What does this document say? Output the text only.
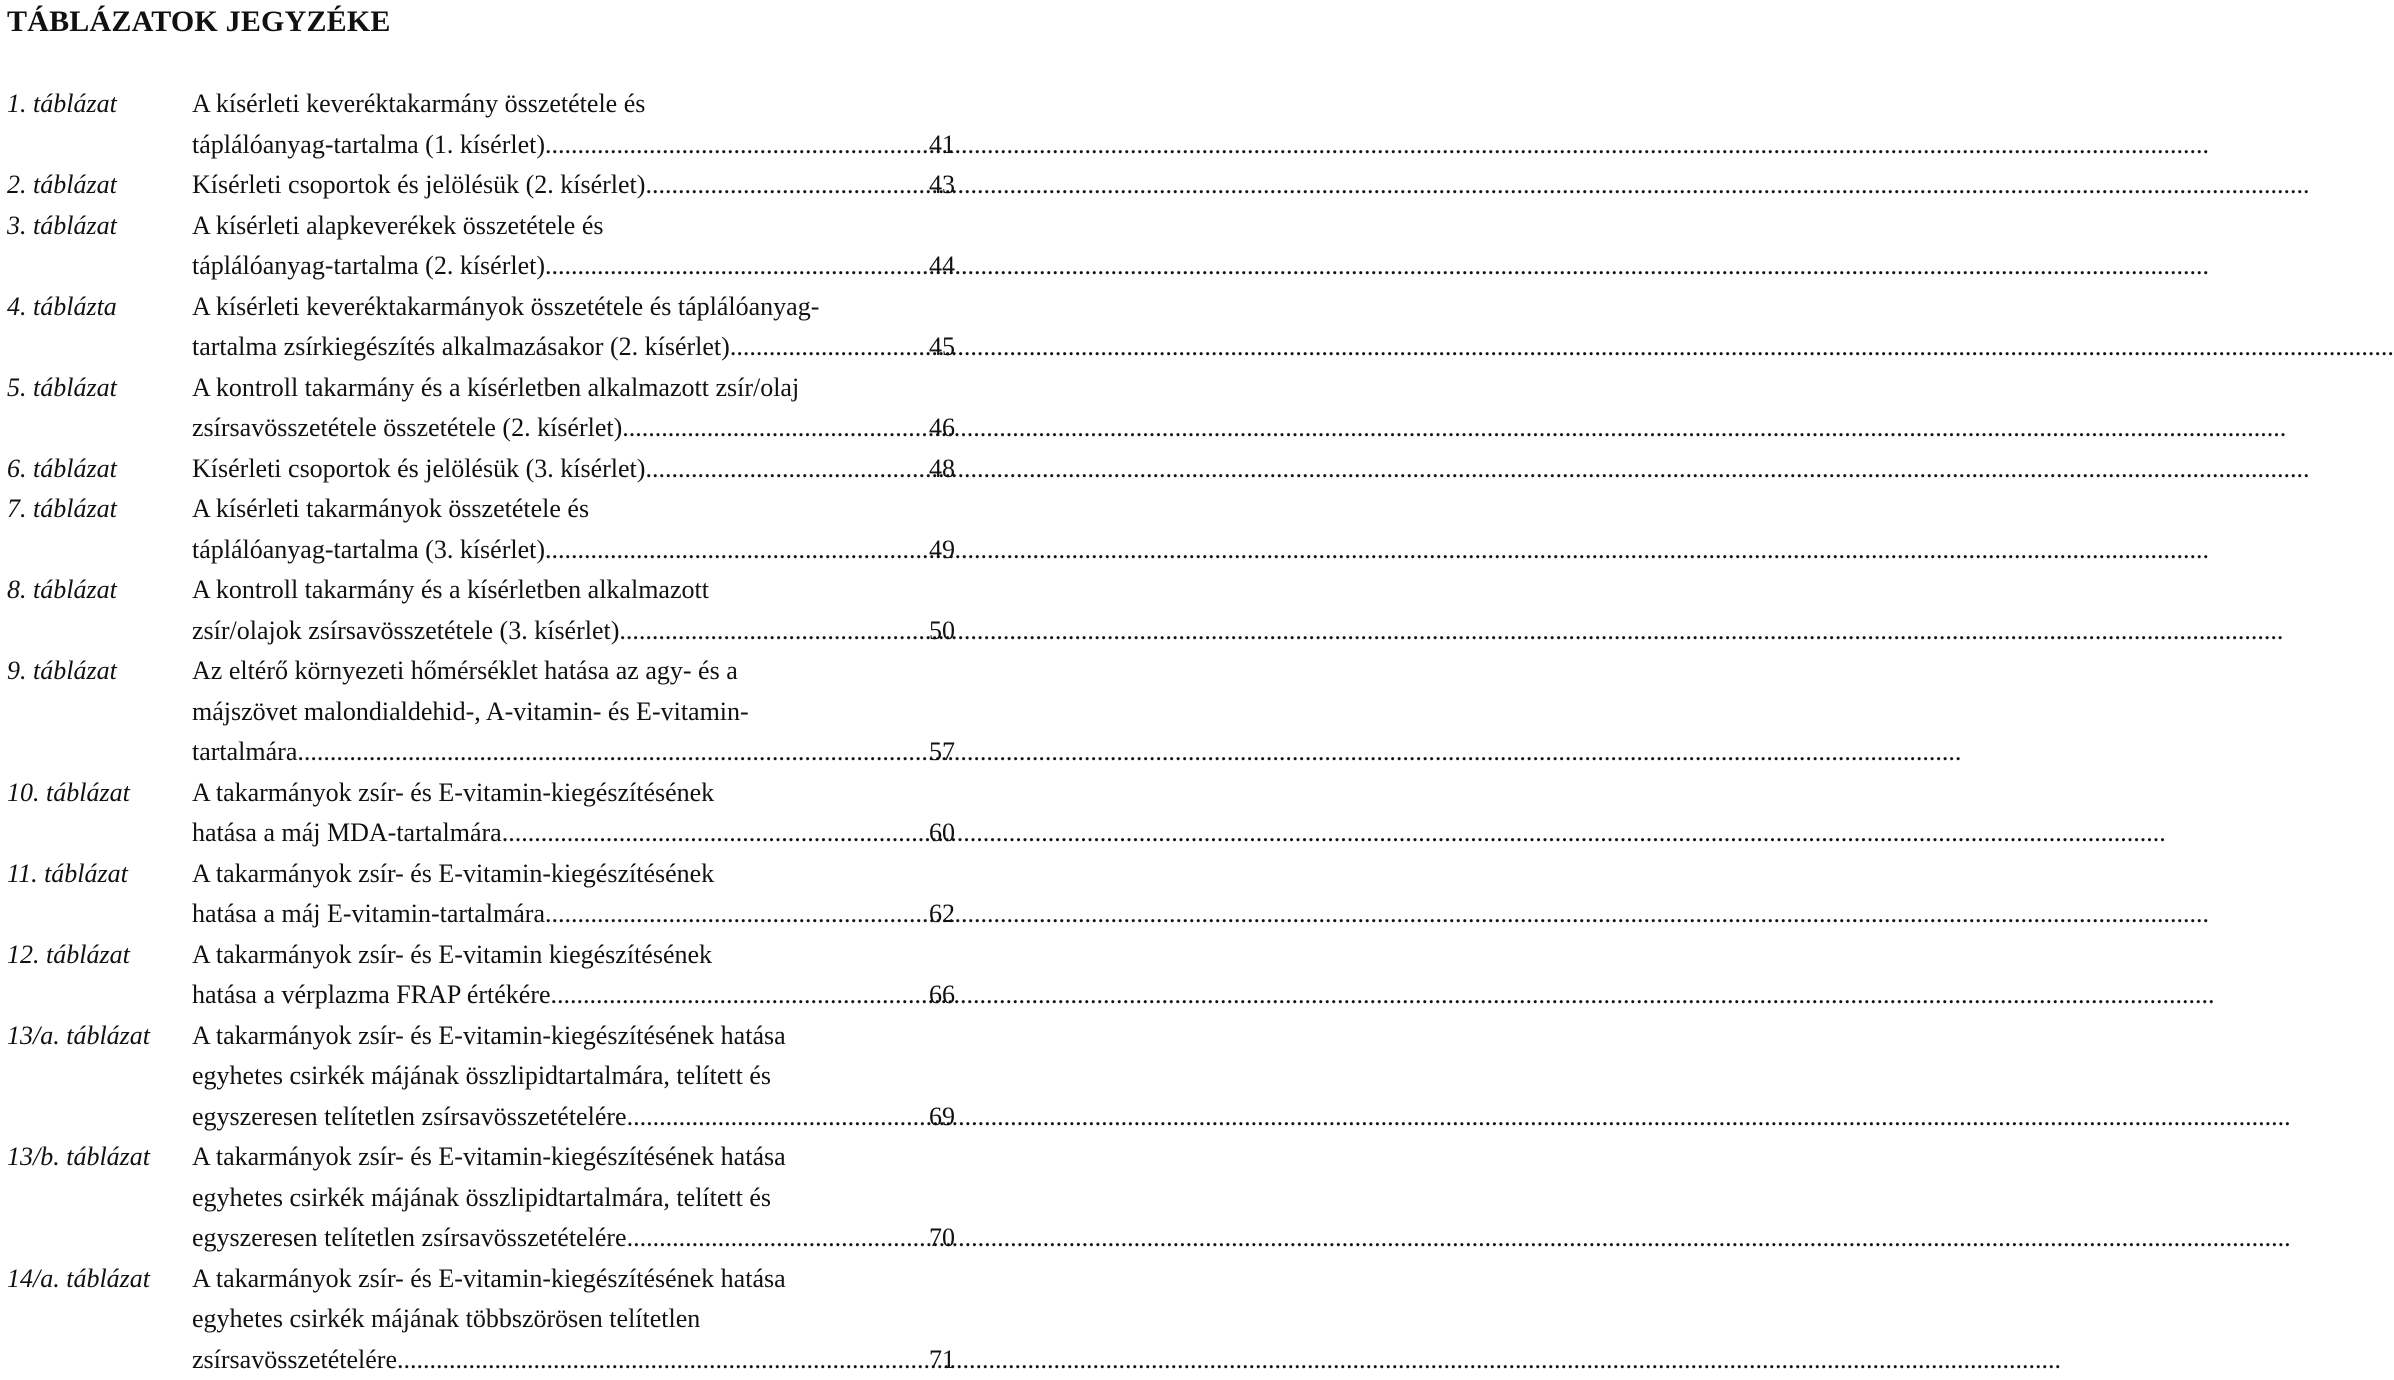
TÁBLÁZATOK JEGYZÉKE
1. táblázat	A kísérleti keveréktakarmány összetétele és
táplálóanyag-tartalma (1. kísérlet) .....	41
2. táblázat	Kísérleti csoportok és jelölésük (2. kísérlet) .....	43
3. táblázat	A kísérleti alapkeverékek összetétele és
táplálóanyag-tartalma (2. kísérlet) .....	44
4. táblázta	A kísérleti keveréktakarmányok összetétele és táplálóanyag-
tartalma zsírkiegészítés alkalmazásakor (2. kísérlet) .....	45
5. táblázat	A kontroll takarmány és a kísérletben alkalmazott zsír/olaj
zsírsavösszetétele összetétele (2. kísérlet) .....	46
6. táblázat	Kísérleti csoportok és jelölésük (3. kísérlet) .....	48
7. táblázat	A kísérleti takarmányok összetétele és
táplálóanyag-tartalma (3. kísérlet) .....	49
8. táblázat	A kontroll takarmány és a kísérletben alkalmazott
zsír/olajok zsírsavösszetétele (3. kísérlet) .....	50
9. táblázat	Az eltérő környezeti hőmérséklet hatása az agy- és a
májszövet malondialdehid-, A-vitamin- és E-vitamin-
tartalmára .....	57
10. táblázat	A takarmányok zsír- és E-vitamin-kiegészítésének
hatása a máj MDA-tartalmára .....	60
11. táblázat	A takarmányok zsír- és E-vitamin-kiegészítésének
hatása a máj E-vitamin-tartalmára .....	62
12. táblázat	A takarmányok zsír- és E-vitamin kiegészítésének
hatása a vérplazma FRAP értékére .....	66
13/a. táblázat	A takarmányok zsír- és E-vitamin-kiegészítésének hatása
egyhetes csirkék májának összlipidtartalmára, telített és
egyszeresen telítetlen zsírsavösszetételére .....	69
13/b. táblázat	A takarmányok zsír- és E-vitamin-kiegészítésének hatása
egyhetes csirkék májának összlipidtartalmára, telített és
egyszeresen telítetlen zsírsavösszetételére .....	70
14/a. táblázat	A takarmányok zsír- és E-vitamin-kiegészítésének hatása
egyhetes csirkék májának többszörösen telítetlen
zsírsavösszetételére .....	71
